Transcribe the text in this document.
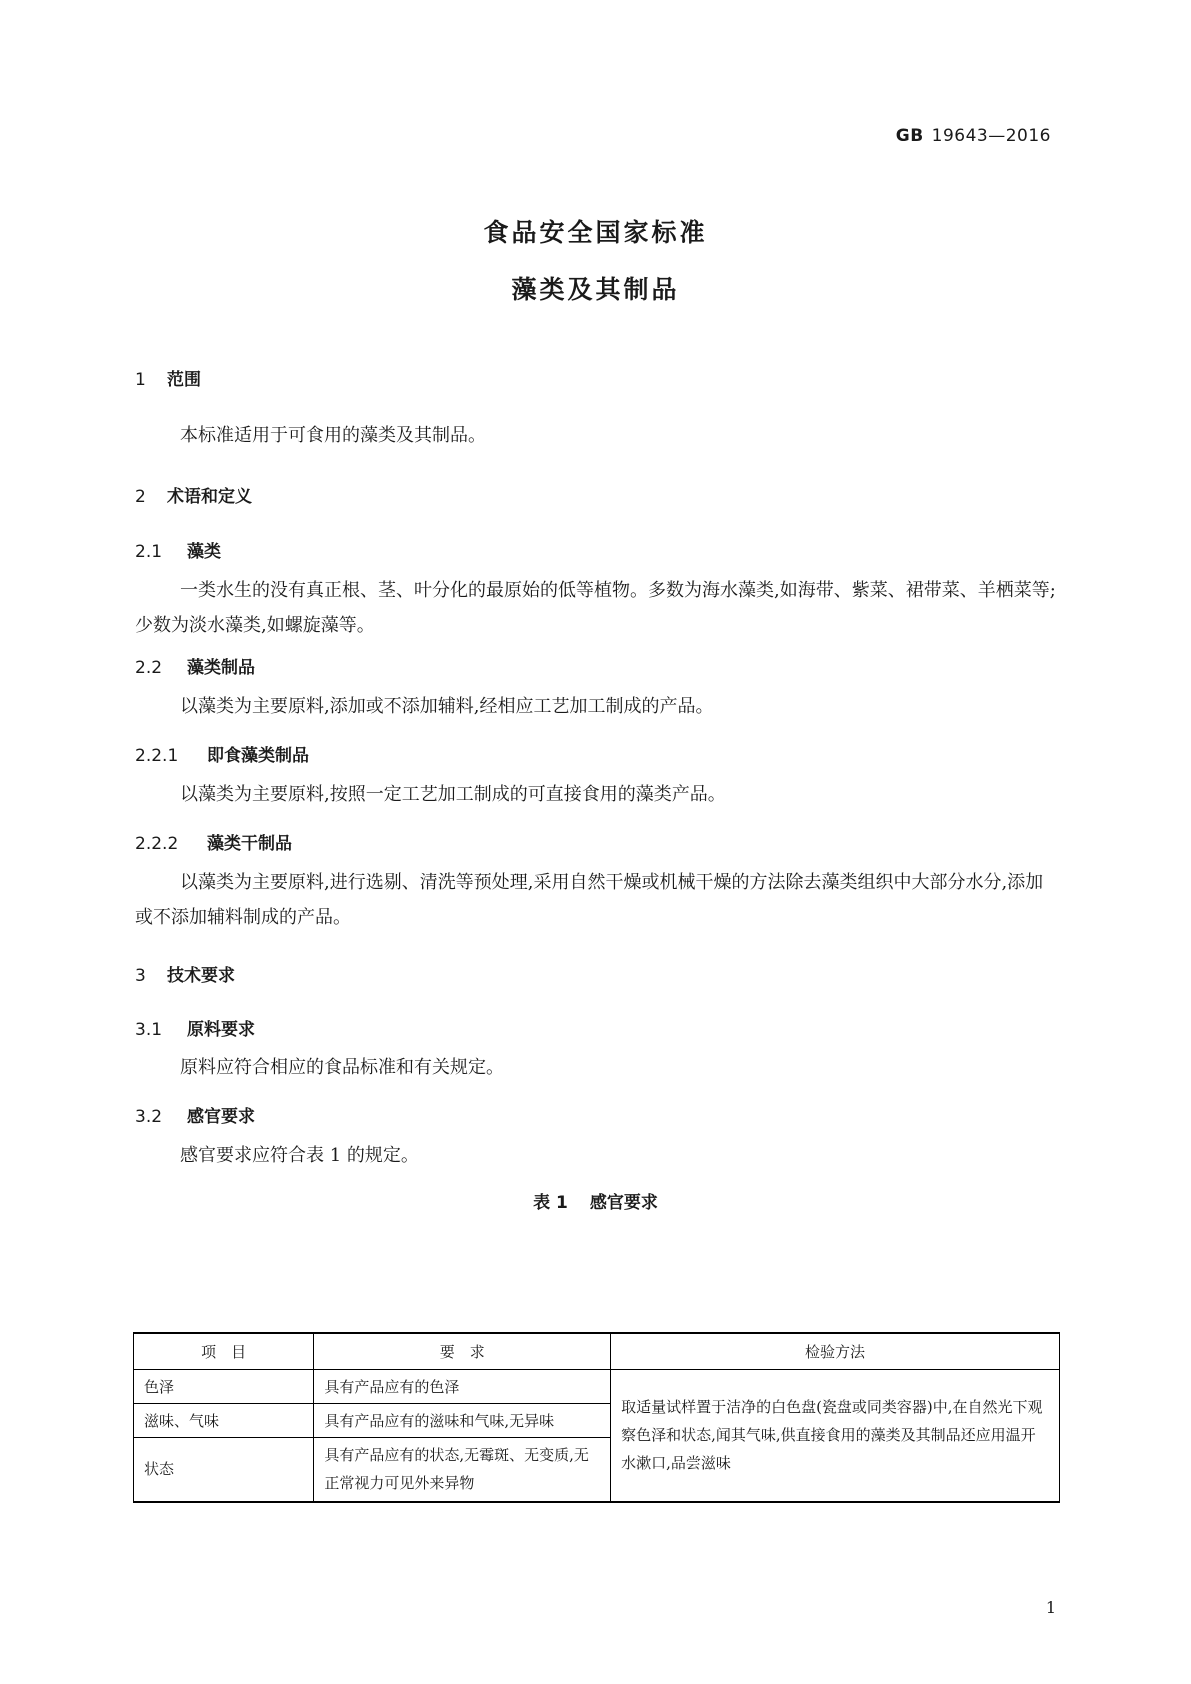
GB 19643—2016
食品安全国家标准
藻类及其制品
1 范围
本标准适用于可食用的藻类及其制品。
2 术语和定义
2.1 藻类
一类水生的没有真正根、茎、叶分化的最原始的低等植物。多数为海水藻类,如海带、紫菜、裙带菜、羊栖菜等;少数为淡水藻类,如螺旋藻等。
2.2 藻类制品
以藻类为主要原料,添加或不添加辅料,经相应工艺加工制成的产品。
2.2.1 即食藻类制品
以藻类为主要原料,按照一定工艺加工制成的可直接食用的藻类产品。
2.2.2 藻类干制品
以藻类为主要原料,进行选剔、清洗等预处理,采用自然干燥或机械干燥的方法除去藻类组织中大部分水分,添加或不添加辅料制成的产品。
3 技术要求
3.1 原料要求
原料应符合相应的食品标准和有关规定。
3.2 感官要求
感官要求应符合表 1 的规定。
表 1 感官要求
项　目	要　求	检验方法
色泽	具有产品应有的色泽	取适量试样置于洁净的白色盘(瓷盘或同类容器)中,在自然光下观察色泽和状态,闻其气味,供直接食用的藻类及其制品还应用温开水漱口,品尝滋味
滋味、气味	具有产品应有的滋味和气味,无异味	
状态	具有产品应有的状态,无霉斑、无变质,无正常视力可见外来异物	
1
